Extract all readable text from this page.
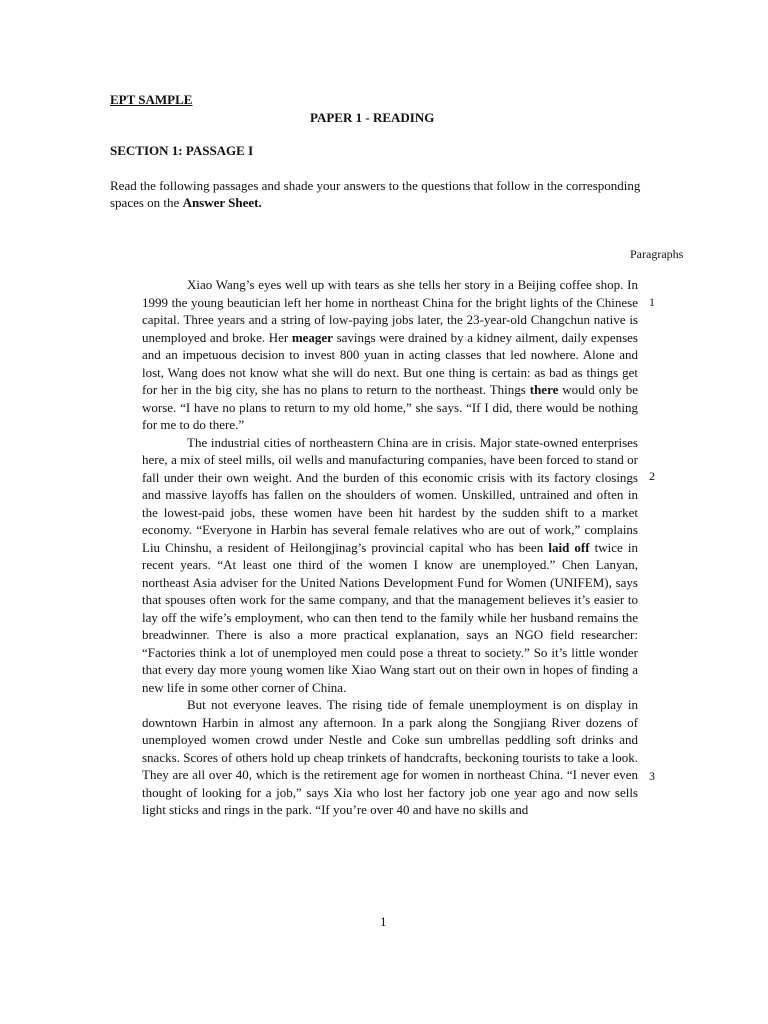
EPT SAMPLE
PAPER 1 - READING
SECTION 1: PASSAGE I
Read the following passages and shade your answers to the questions that follow in the corresponding spaces on the Answer Sheet.
Paragraphs

Xiao Wang’s eyes well up with tears as she tells her story in a Beijing coffee shop. In 1999 the young beautician left her home in northeast China for the bright lights of the Chinese capital. Three years and a string of low-paying jobs later, the 23-year-old Changchun native is unemployed and broke. Her meager savings were drained by a kidney ailment, daily expenses and an impetuous decision to invest 800 yuan in acting classes that led nowhere. Alone and lost, Wang does not know what she will do next. But one thing is certain: as bad as things get for her in the big city, she has no plans to return to the northeast. Things there would only be worse. “I have no plans to return to my old home,” she says. “If I did, there would be nothing for me to do there.”

The industrial cities of northeastern China are in crisis. Major state-owned enterprises here, a mix of steel mills, oil wells and manufacturing companies, have been forced to stand or fall under their own weight. And the burden of this economic crisis with its factory closings and massive layoffs has fallen on the shoulders of women. Unskilled, untrained and often in the lowest-paid jobs, these women have been hit hardest by the sudden shift to a market economy. “Everyone in Harbin has several female relatives who are out of work,” complains Liu Chinshu, a resident of Heilongjinag’s provincial capital who has been laid off twice in recent years. “At least one third of the women I know are unemployed.” Chen Lanyan, northeast Asia adviser for the United Nations Development Fund for Women (UNIFEM), says that spouses often work for the same company, and that the management believes it’s easier to lay off the wife’s employment, who can then tend to the family while her husband remains the breadwinner. There is also a more practical explanation, says an NGO field researcher: “Factories think a lot of unemployed men could pose a threat to society.” So it’s little wonder that every day more young women like Xiao Wang start out on their own in hopes of finding a new life in some other corner of China.

But not everyone leaves. The rising tide of female unemployment is on display in downtown Harbin in almost any afternoon. In a park along the Songjiang River dozens of unemployed women crowd under Nestle and Coke sun umbrellas peddling soft drinks and snacks. Scores of others hold up cheap trinkets of handcrafts, beckoning tourists to take a look. They are all over 40, which is the retirement age for women in northeast China. “I never even thought of looking for a job,” says Xia who lost her factory job one year ago and now sells light sticks and rings in the park. “If you’re over 40 and have no skills and

1
2
3
1
